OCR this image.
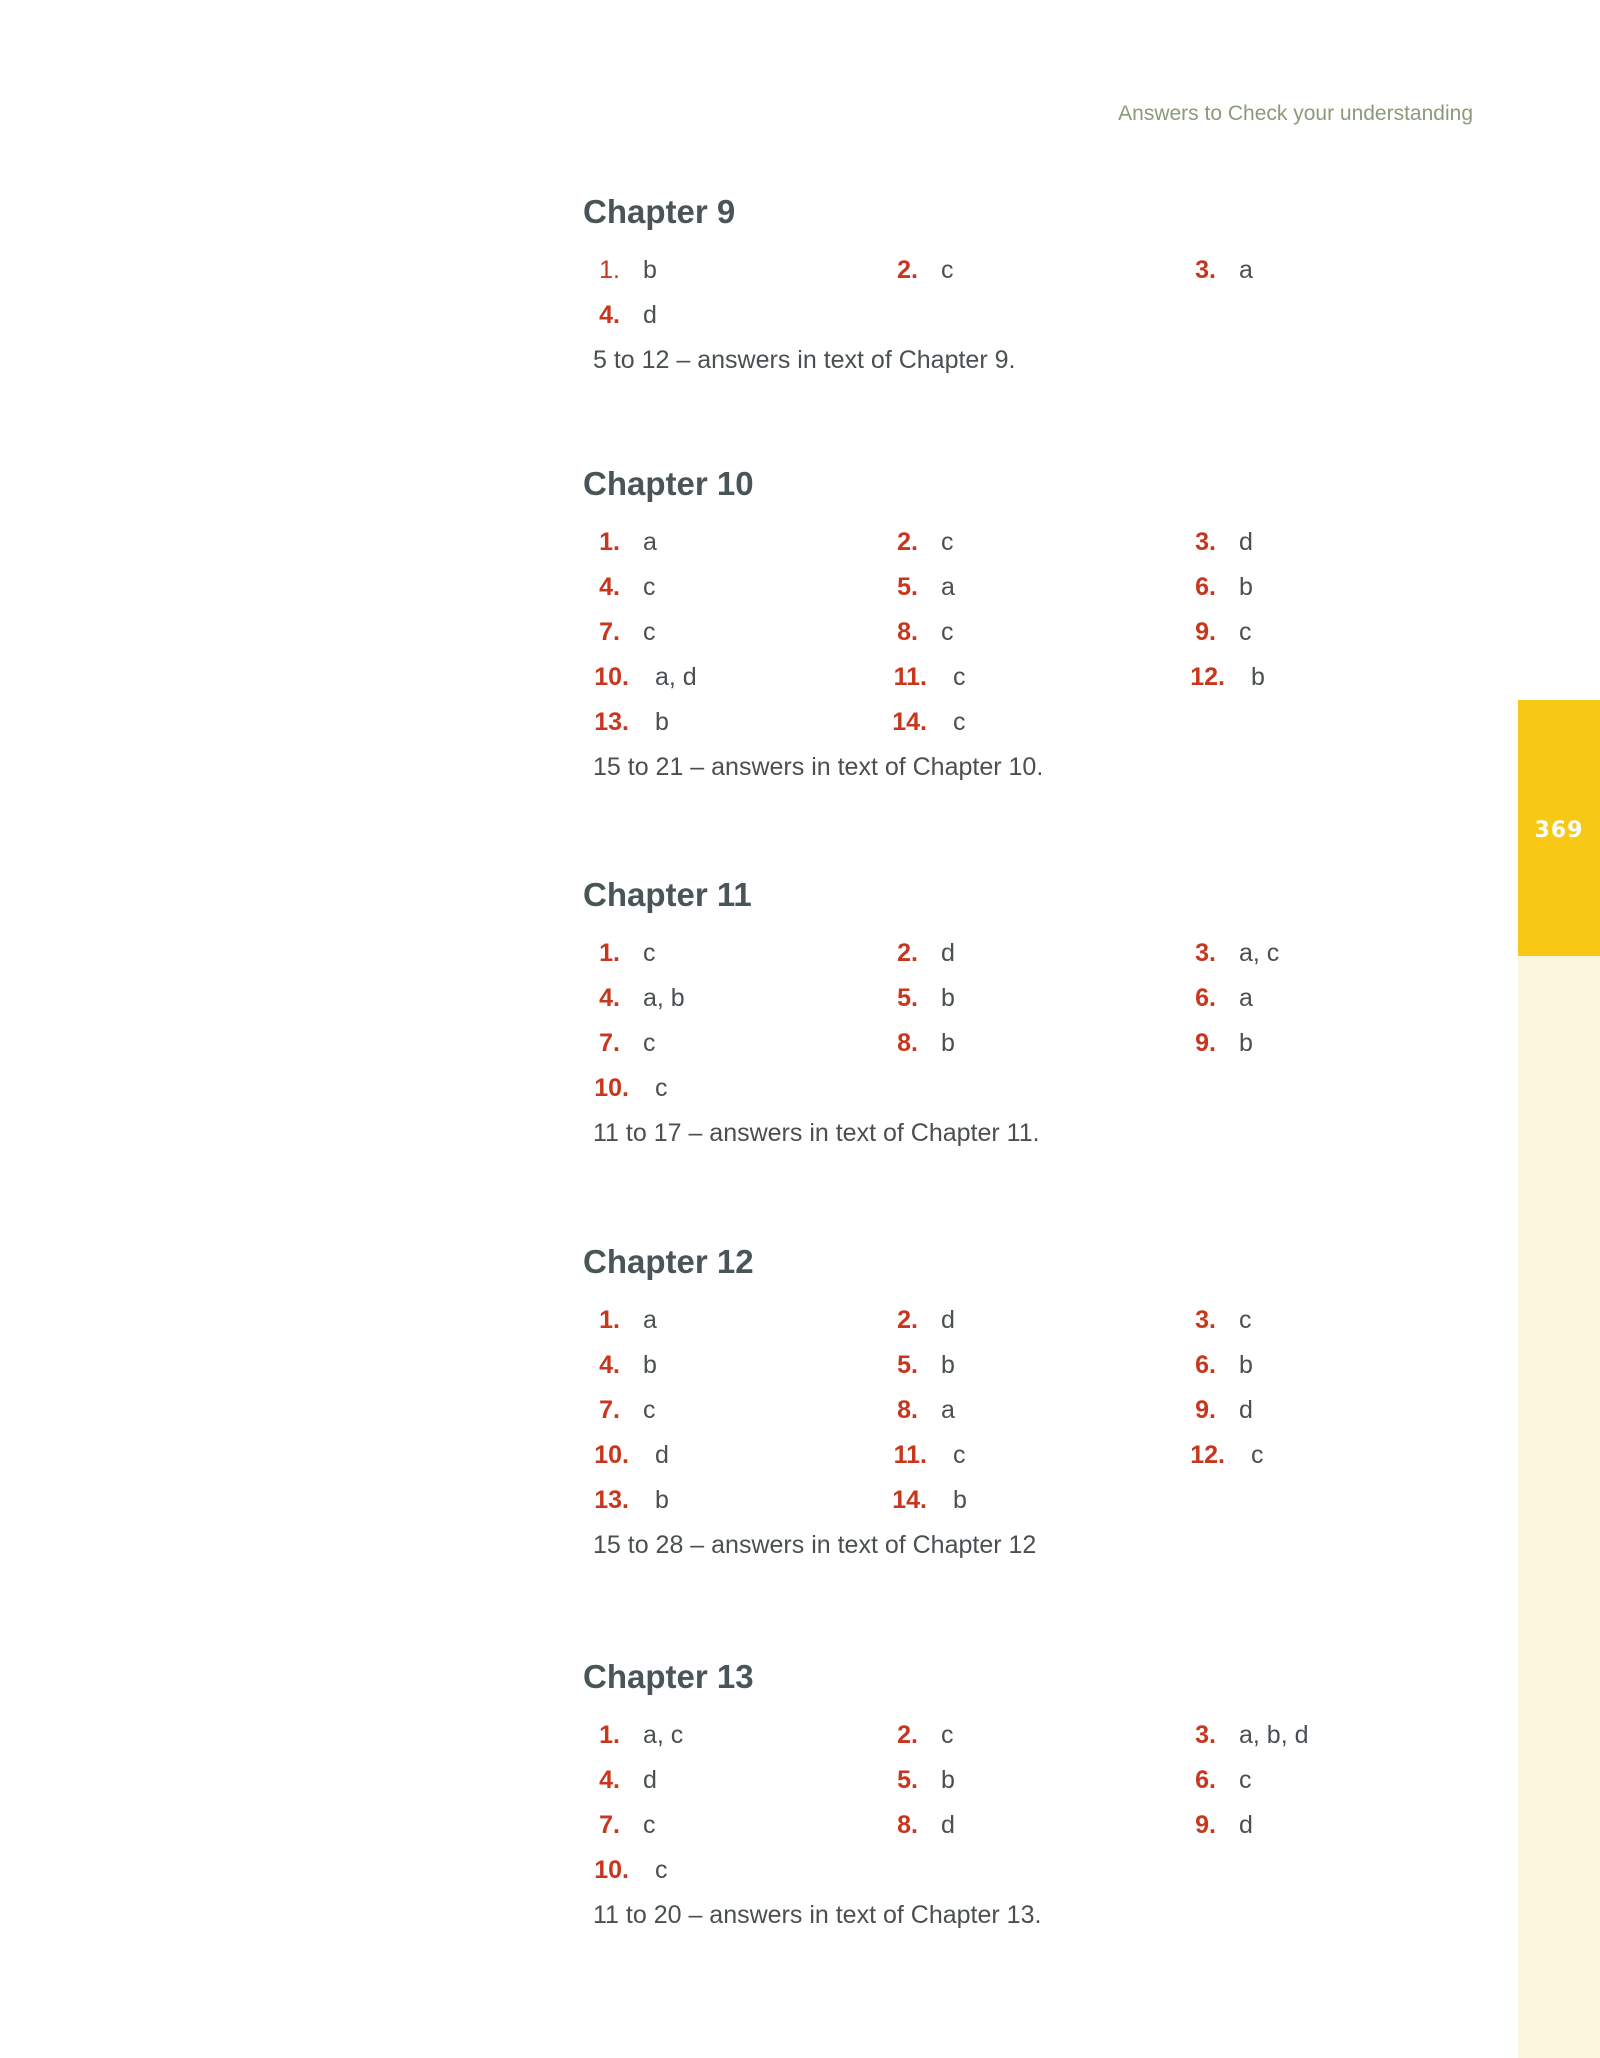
Answers to Check your understanding
369
Chapter 9
1. b	2. c	3. a
4. d
5 to 12 – answers in text of Chapter 9.
Chapter 10
1. a	2. c	3. d
4. c	5. a	6. b
7. c	8. c	9. c
10. a, d	11. c	12. b
13. b	14. c
15 to 21 – answers in text of Chapter 10.
Chapter 11
1. c	2. d	3. a, c
4. a, b	5. b	6. a
7. c	8. b	9. b
10. c
11 to 17 – answers in text of Chapter 11.
Chapter 12
1. a	2. d	3. c
4. b	5. b	6. b
7. c	8. a	9. d
10. d	11. c	12. c
13. b	14. b
15 to 28 – answers in text of Chapter 12
Chapter 13
1. a, c	2. c	3. a, b, d
4. d	5. b	6. c
7. c	8. d	9. d
10. c
11 to 20 – answers in text of Chapter 13.
